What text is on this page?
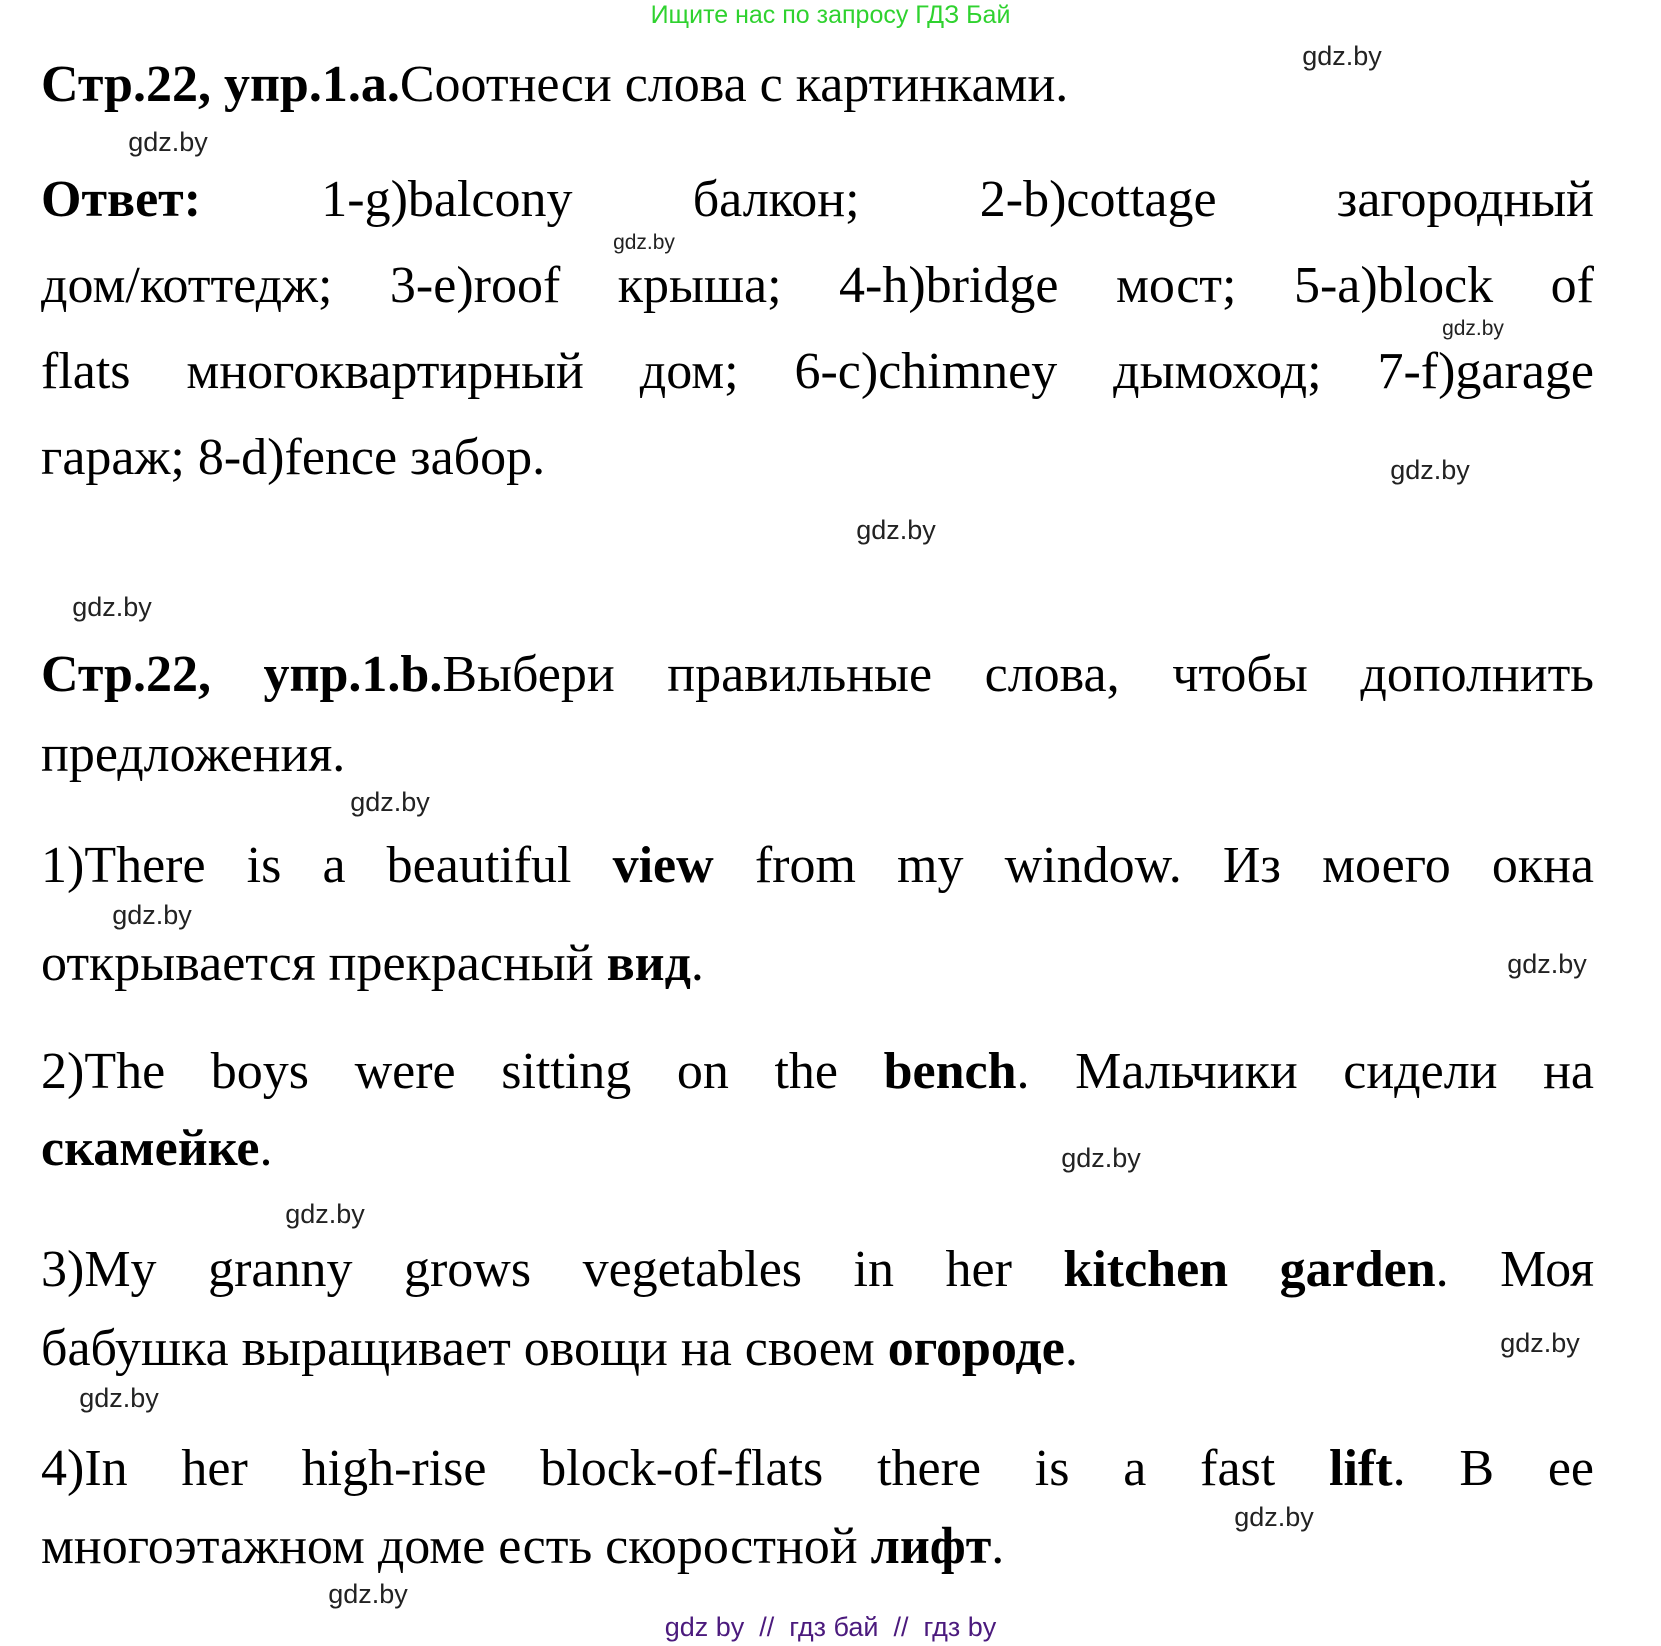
Ищите нас по запросу ГДЗ Бай
Стр.22, упр.1.a.Соотнеси слова с картинками.
Ответ: 1-g)balcony балкон; 2-b)cottage загородный
дом/коттедж; 3-e)roof крыша; 4-h)bridge мост; 5-a)block of
flats многоквартирный дом; 6-c)chimney дымоход; 7-f)garage
гараж; 8-d)fence забор.
Стр.22, упр.1.b.Выбери правильные слова, чтобы дополнить
предложения.
1)There is a beautiful view from my window. Из моего окна
открывается прекрасный вид.
2)The boys were sitting on the bench. Мальчики сидели на
скамейке.
3)My granny grows vegetables in her kitchen garden. Моя
бабушка выращивает овощи на своем огороде.
4)In her high-rise block-of-flats there is a fast lift. В ее
многоэтажном доме есть скоростной лифт.
gdz.by
gdz.by
gdz.by
gdz.by
gdz.by
gdz.by
gdz.by
gdz.by
gdz.by
gdz.by
gdz.by
gdz.by
gdz.by
gdz.by
gdz.by
gdz.by
gdz by  //  гдз бай  //  гдз by
